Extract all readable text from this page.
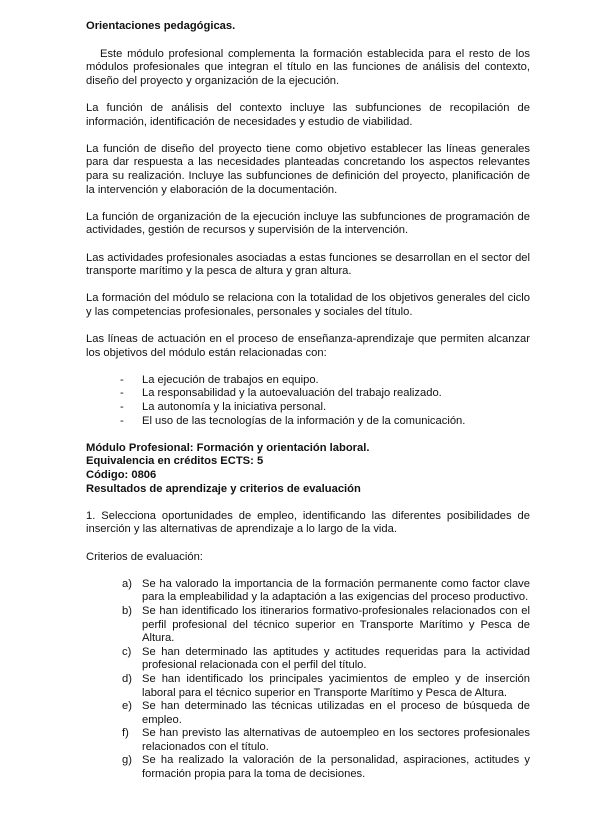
Orientaciones pedagógicas.

Este módulo profesional complementa la formación establecida para el resto de los módulos profesionales que integran el título en las funciones de análisis del contexto, diseño del proyecto y organización de la ejecución.

La función de análisis del contexto incluye las subfunciones de recopilación de información, identificación de necesidades y estudio de viabilidad.

La función de diseño del proyecto tiene como objetivo establecer las líneas generales para dar respuesta a las necesidades planteadas concretando los aspectos relevantes para su realización. Incluye las subfunciones de definición del proyecto, planificación de la intervención y elaboración de la documentación.

La función de organización de la ejecución incluye las subfunciones de programación de actividades, gestión de recursos y supervisión de la intervención.

Las actividades profesionales asociadas a estas funciones se desarrollan en el sector del transporte marítimo y la pesca de altura y gran altura.

La formación del módulo se relaciona con la totalidad de los objetivos generales del ciclo y las competencias profesionales, personales y sociales del título.

Las líneas de actuación en el proceso de enseñanza-aprendizaje que permiten alcanzar los objetivos del módulo están relacionadas con:

- La ejecución de trabajos en equipo.
- La responsabilidad y la autoevaluación del trabajo realizado.
- La autonomía y la iniciativa personal.
- El uso de las tecnologías de la información y de la comunicación.

Módulo Profesional: Formación y orientación laboral.

Equivalencia en créditos ECTS: 5

Código: 0806

Resultados de aprendizaje y criterios de evaluación

1. Selecciona oportunidades de empleo, identificando las diferentes posibilidades de inserción y las alternativas de aprendizaje a lo largo de la vida.

Criterios de evaluación:

a) Se ha valorado la importancia de la formación permanente como factor clave para la empleabilidad y la adaptación a las exigencias del proceso productivo.
b) Se han identificado los itinerarios formativo-profesionales relacionados con el perfil profesional del técnico superior en Transporte Marítimo y Pesca de Altura.
c) Se han determinado las aptitudes y actitudes requeridas para la actividad profesional relacionada con el perfil del título.
d) Se han identificado los principales yacimientos de empleo y de inserción laboral para el técnico superior en Transporte Marítimo y Pesca de Altura.
e) Se han determinado las técnicas utilizadas en el proceso de búsqueda de empleo.
f) Se han previsto las alternativas de autoempleo en los sectores profesionales relacionados con el título.
g) Se ha realizado la valoración de la personalidad, aspiraciones, actitudes y formación propia para la toma de decisiones.
